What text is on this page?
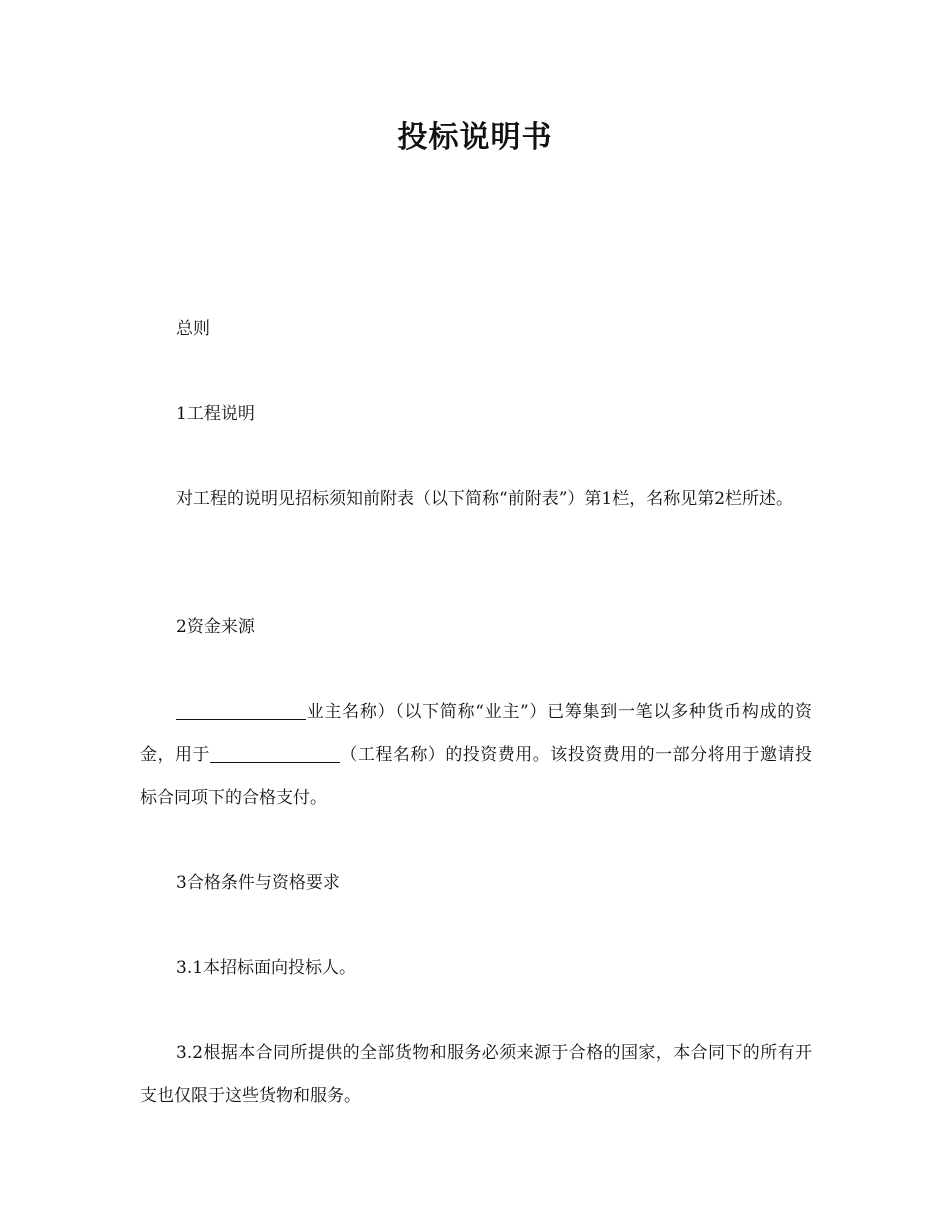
投标说明书

总则

1工程说明

对工程的说明见招标须知前附表（以下简称“前附表”）第1栏，名称见第2栏所述。

2资金来源

业主名称）（以下简称“业主”）已筹集到一笔以多种货币构成的资金，用于	（工程名称）的投资费用。该投资费用的一部分将用于邀请投标合同项下的合格支付。

3合格条件与资格要求

3.1本招标面向投标人。

3.2根据本合同所提供的全部货物和服务必须来源于合格的国家，本合同下的所有开支也仅限于这些货物和服务。
